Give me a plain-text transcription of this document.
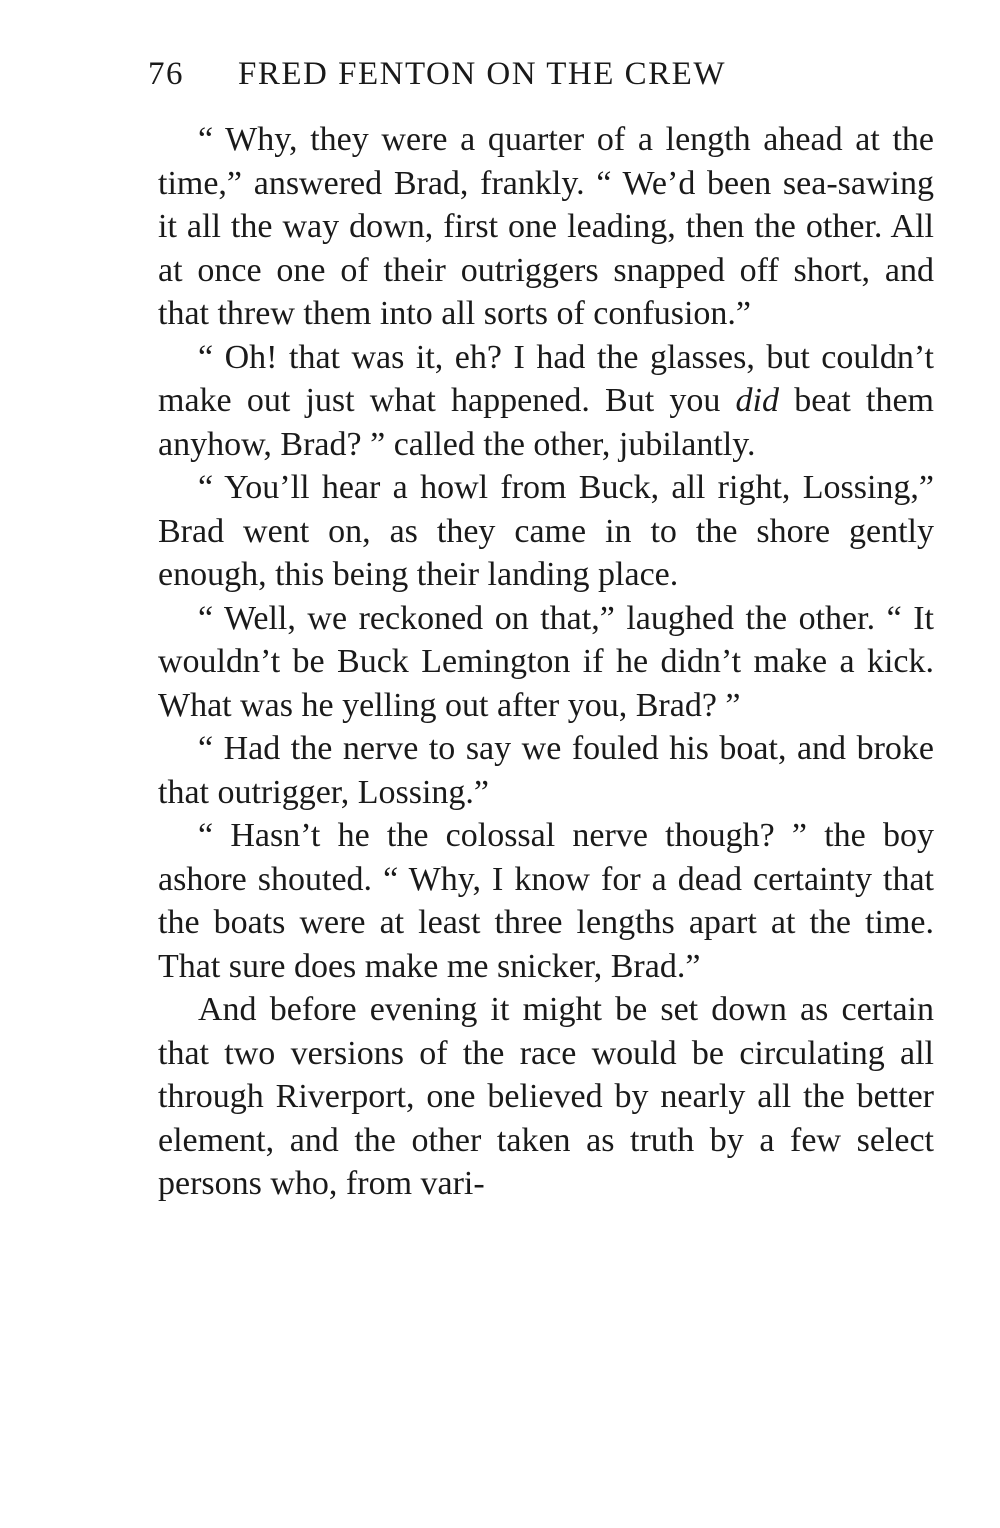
76 FRED FENTON ON THE CREW

“ Why, they were a quarter of a length ahead at the time,” answered Brad, frankly. “ We’d been sea-sawing it all the way down, first one leading, then the other. All at once one of their outriggers snapped off short, and that threw them into all sorts of confusion.”

“ Oh! that was it, eh? I had the glasses, but couldn’t make out just what happened. But you did beat them anyhow, Brad? ” called the other, jubilantly.

“ You’ll hear a howl from Buck, all right, Lossing,” Brad went on, as they came in to the shore gently enough, this being their landing place.

“ Well, we reckoned on that,” laughed the other. “ It wouldn’t be Buck Lemington if he didn’t make a kick. What was he yelling out after you, Brad? ”

“ Had the nerve to say we fouled his boat, and broke that outrigger, Lossing.”

“ Hasn’t he the colossal nerve though? ” the boy ashore shouted. “ Why, I know for a dead certainty that the boats were at least three lengths apart at the time. That sure does make me snicker, Brad.”

And before evening it might be set down as certain that two versions of the race would be circulating all through Riverport, one believed by nearly all the better element, and the other taken as truth by a few select persons who, from vari-
